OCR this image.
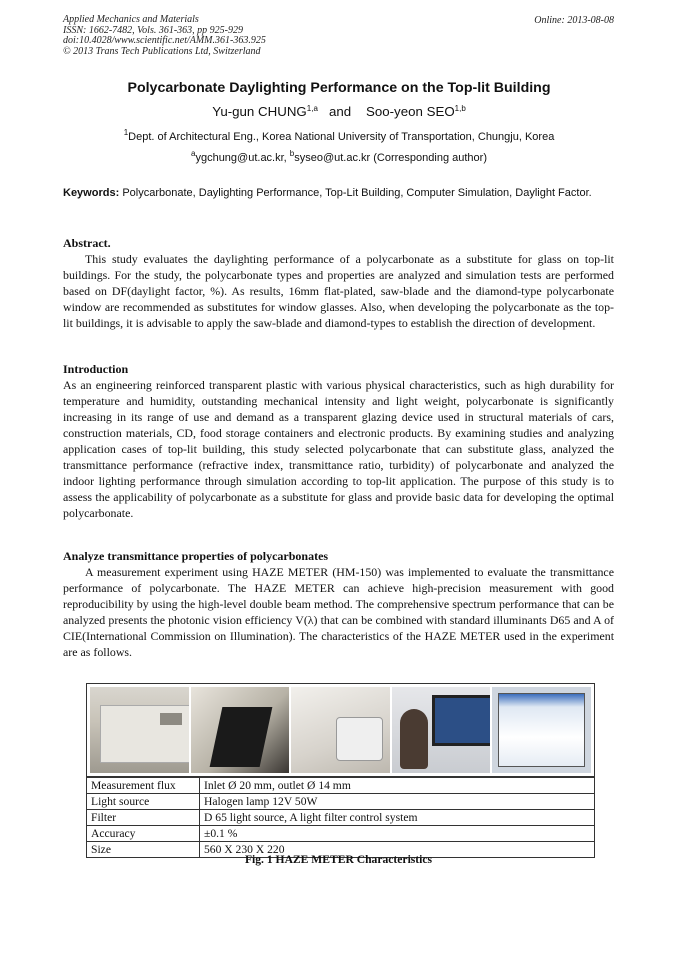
Applied Mechanics and Materials
ISSN: 1662-7482, Vols. 361-363, pp 925-929
doi:10.4028/www.scientific.net/AMM.361-363.925
© 2013 Trans Tech Publications Ltd, Switzerland
Online: 2013-08-08
Polycarbonate Daylighting Performance on the Top-lit Building
Yu-gun CHUNG$^{1,a}$ and Soo-yeon SEO$^{1,b}$
$^1$Dept. of Architectural Eng., Korea National University of Transportation, Chungju, Korea
$^a$ygchung@ut.ac.kr, $^b$syseo@ut.ac.kr (Corresponding author)
Keywords: Polycarbonate, Daylighting Performance, Top-Lit Building, Computer Simulation, Daylight Factor.
Abstract.

This study evaluates the daylighting performance of a polycarbonate as a substitute for glass on top-lit buildings. For the study, the polycarbonate types and properties are analyzed and simulation tests are performed based on DF(daylight factor, %). As results, 16mm flat-plated, saw-blade and the diamond-type polycarbonate window are recommended as substitutes for window glasses. Also, when developing the polycarbonate as the top-lit buildings, it is advisable to apply the saw-blade and diamond-types to establish the direction of development.

Introduction

As an engineering reinforced transparent plastic with various physical characteristics, such as high durability for temperature and humidity, outstanding mechanical intensity and light weight, polycarbonate is significantly increasing in its range of use and demand as a transparent glazing device used in structural materials of cars, construction materials, CD, food storage containers and electronic products. By examining studies and analyzing application cases of top-lit building, this study selected polycarbonate that can substitute glass, analyzed the transmittance performance (refractive index, transmittance ratio, turbidity) of polycarbonate and analyzed the indoor lighting performance through simulation according to top-lit application. The purpose of this study is to assess the applicability of polycarbonate as a substitute for glass and provide basic data for developing the optimal polycarbonate.

Analyze transmittance properties of polycarbonates

A measurement experiment using HAZE METER (HM-150) was implemented to evaluate the transmittance performance of polycarbonate. The HAZE METER can achieve high-precision measurement with good reproducibility by using the high-level double beam method. The comprehensive spectrum performance that can be analyzed presents the photonic vision efficiency V(λ) that can be combined with standard illuminants D65 and A of CIE(International Commission on Illumination). The characteristics of the HAZE METER used in the experiment are as follows.

Measurement flux	Inlet Ø 20 mm, outlet Ø 14 mm
Light source	Halogen lamp 12V 50W
Filter	D 65 light source, A light filter control system
Accuracy	±0.1 %
Size	560 X 230 X 220
Fig. 1 HAZE METER Characteristics
